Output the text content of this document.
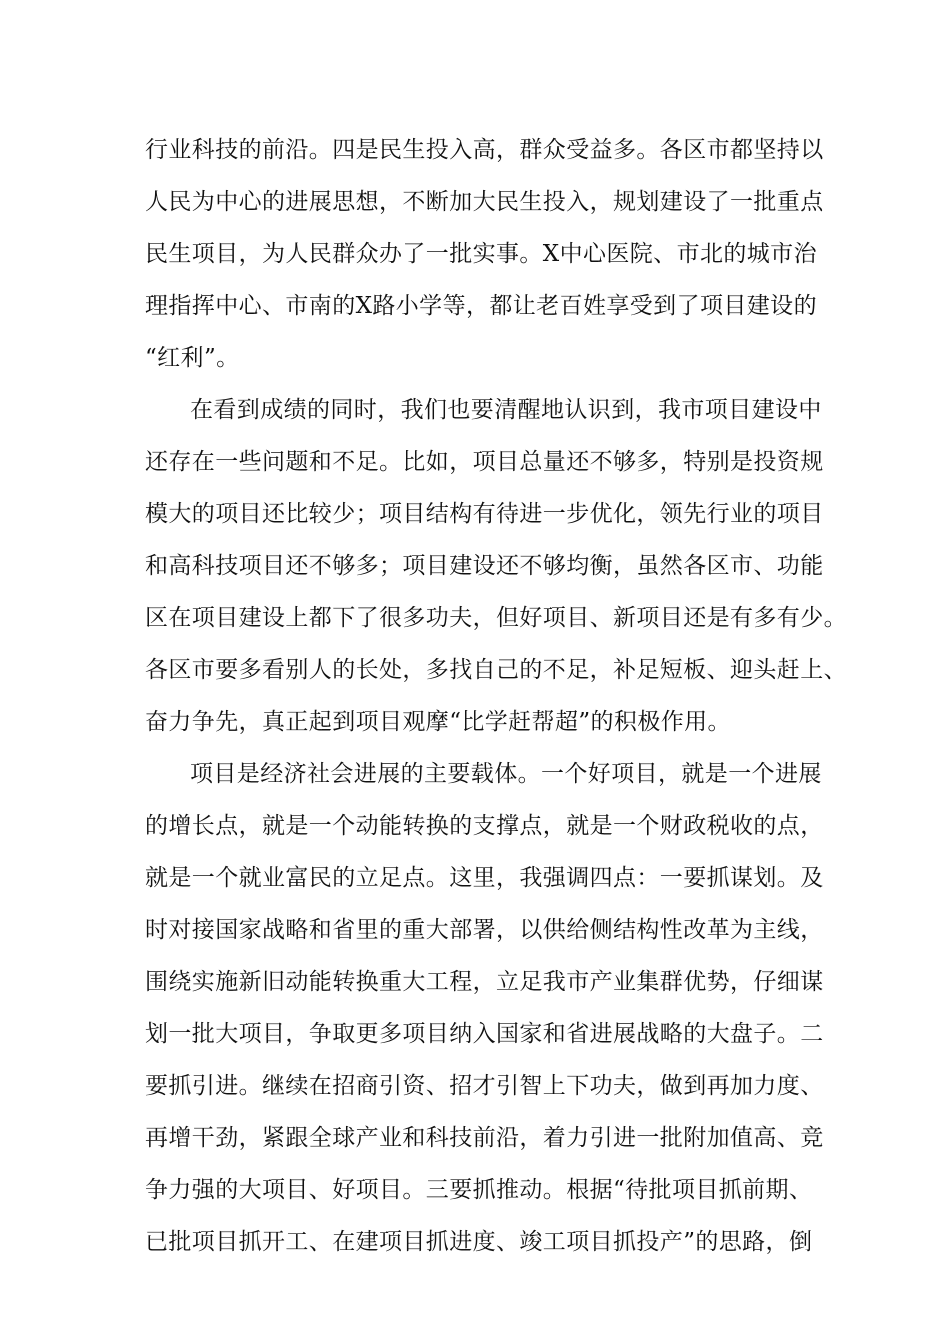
行业科技的前沿。四是民生投入高，群众受益多。各区市都坚持以
人民为中心的进展思想，不断加大民生投入，规划建设了一批重点
民生项目，为人民群众办了一批实事。X中心医院、市北的城市治
理指挥中心、市南的X路小学等，都让老百姓享受到了项目建设的
“红利”。
在看到成绩的同时，我们也要清醒地认识到，我市项目建设中
还存在一些问题和不足。比如，项目总量还不够多，特别是投资规
模大的项目还比较少；项目结构有待进一步优化，领先行业的项目
和高科技项目还不够多；项目建设还不够均衡，虽然各区市、功能
区在项目建设上都下了很多功夫，但好项目、新项目还是有多有少。
各区市要多看别人的长处，多找自己的不足，补足短板、迎头赶上、
奋力争先，真正起到项目观摩“比学赶帮超”的积极作用。
项目是经济社会进展的主要载体。一个好项目，就是一个进展
的增长点，就是一个动能转换的支撑点，就是一个财政税收的点，
就是一个就业富民的立足点。这里，我强调四点：一要抓谋划。及
时对接国家战略和省里的重大部署，以供给侧结构性改革为主线，
围绕实施新旧动能转换重大工程，立足我市产业集群优势，仔细谋
划一批大项目，争取更多项目纳入国家和省进展战略的大盘子。二
要抓引进。继续在招商引资、招才引智上下功夫，做到再加力度、
再增干劲，紧跟全球产业和科技前沿，着力引进一批附加值高、竞
争力强的大项目、好项目。三要抓推动。根据“待批项目抓前期、
已批项目抓开工、在建项目抓进度、竣工项目抓投产”的思路，倒
